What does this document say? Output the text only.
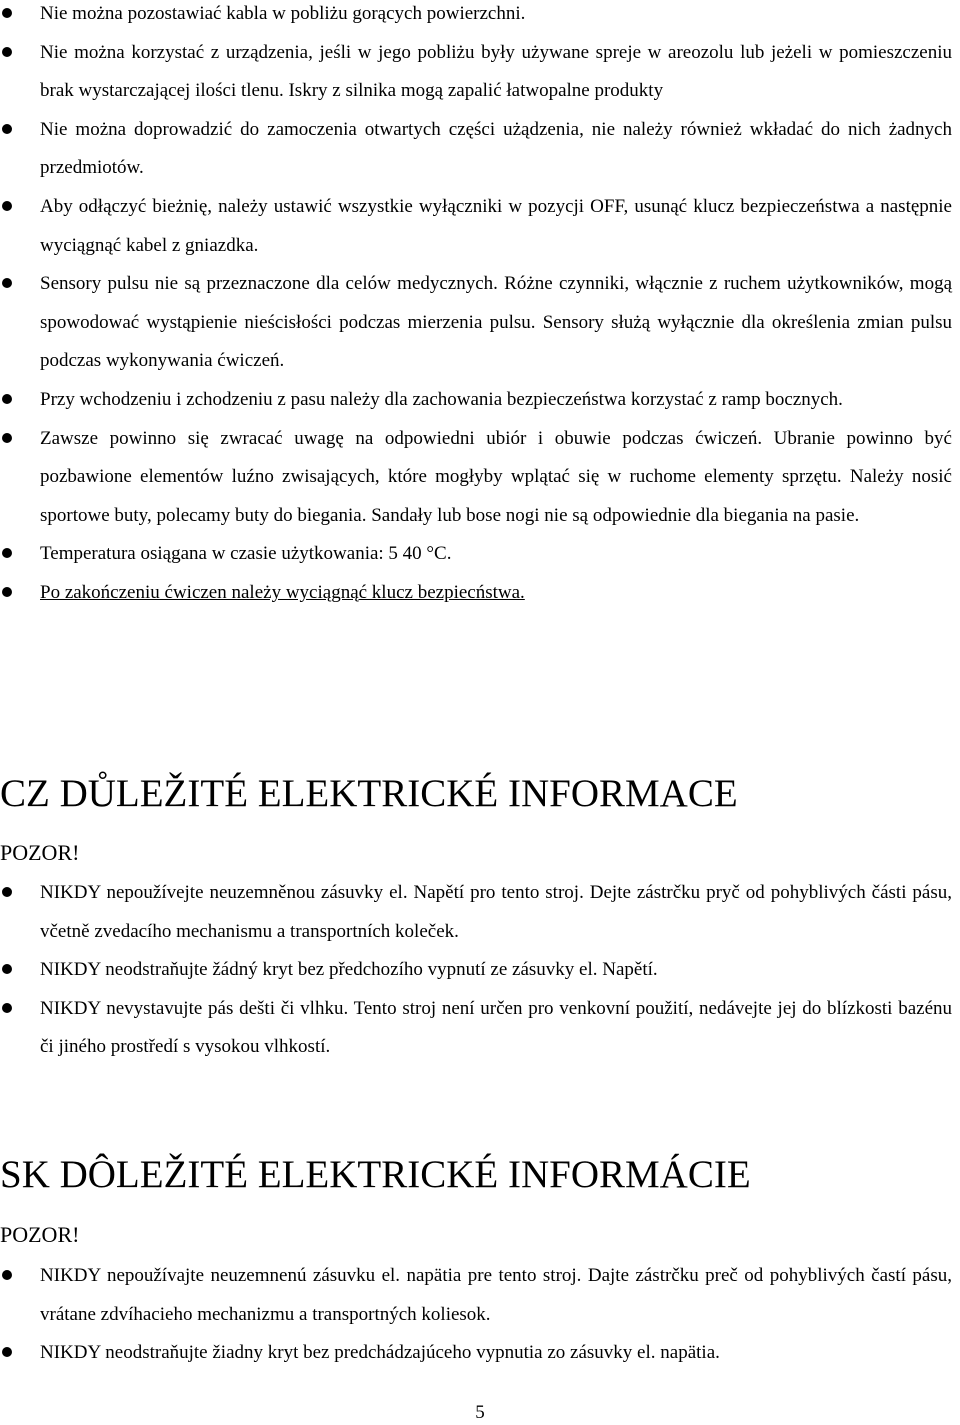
Nie można pozostawiać kabla w pobliżu gorących powierzchni.
Nie można korzystać z urządzenia, jeśli w jego pobliżu były używane spreje w areozolu lub jeżeli w pomieszczeniu brak wystarczającej ilości tlenu. Iskry z silnika mogą zapalić łatwopalne produkty
Nie można doprowadzić do zamoczenia otwartych części użądzenia, nie należy również wkładać do nich żadnych przedmiotów.
Aby odłączyć bieżnię, należy ustawić wszystkie wyłączniki w pozycji OFF, usunąć klucz bezpieczeństwa a następnie wyciągnąć kabel z gniazdka.
Sensory pulsu nie są przeznaczone dla celów medycznych. Różne czynniki, włącznie z ruchem użytkowników, mogą spowodować wystąpienie nieścisłości podczas mierzenia pulsu. Sensory służą wyłącznie dla określenia zmian pulsu podczas wykonywania ćwiczeń.
Przy wchodzeniu i zchodzeniu z pasu należy dla zachowania bezpieczeństwa korzystać z ramp bocznych.
Zawsze powinno się zwracać uwagę na odpowiedni ubiór i obuwie podczas ćwiczeń. Ubranie powinno być pozbawione elementów luźno zwisających, które mogłyby wplątać się w ruchome elementy sprzętu. Należy nosić sportowe buty, polecamy buty do biegania. Sandały lub bose nogi nie są odpowiednie dla biegania na pasie.
Temperatura osiągana w czasie użytkowania: 5 40 °C.
Po zakończeniu ćwiczen należy wyciągnąć klucz bezpiecństwa.
CZ DŮLEŽITÉ ELEKTRICKÉ INFORMACE

POZOR!

NIKDY nepoužívejte neuzemněnou zásuvky el. Napětí pro tento stroj. Dejte zástrčku pryč od pohyblivých části pásu, včetně zvedacího mechanismu a transportních koleček.
NIKDY neodstraňujte žádný kryt bez předchozího vypnutí ze zásuvky el. Napětí.
NIKDY nevystavujte pás dešti či vlhku. Tento stroj není určen pro venkovní použití, nedávejte jej do blízkosti bazénu či jiného prostředí s vysokou vlhkostí.
SK DÔLEŽITÉ ELEKTRICKÉ INFORMÁCIE

POZOR!

NIKDY nepoužívajte neuzemnenú zásuvku el. napätia pre tento stroj. Dajte zástrčku preč od pohyblivých častí pásu, vrátane zdvíhacieho mechanizmu a transportných koliesok.
NIKDY neodstraňujte žiadny kryt bez predchádzajúceho vypnutia zo zásuvky el. napätia.
5
